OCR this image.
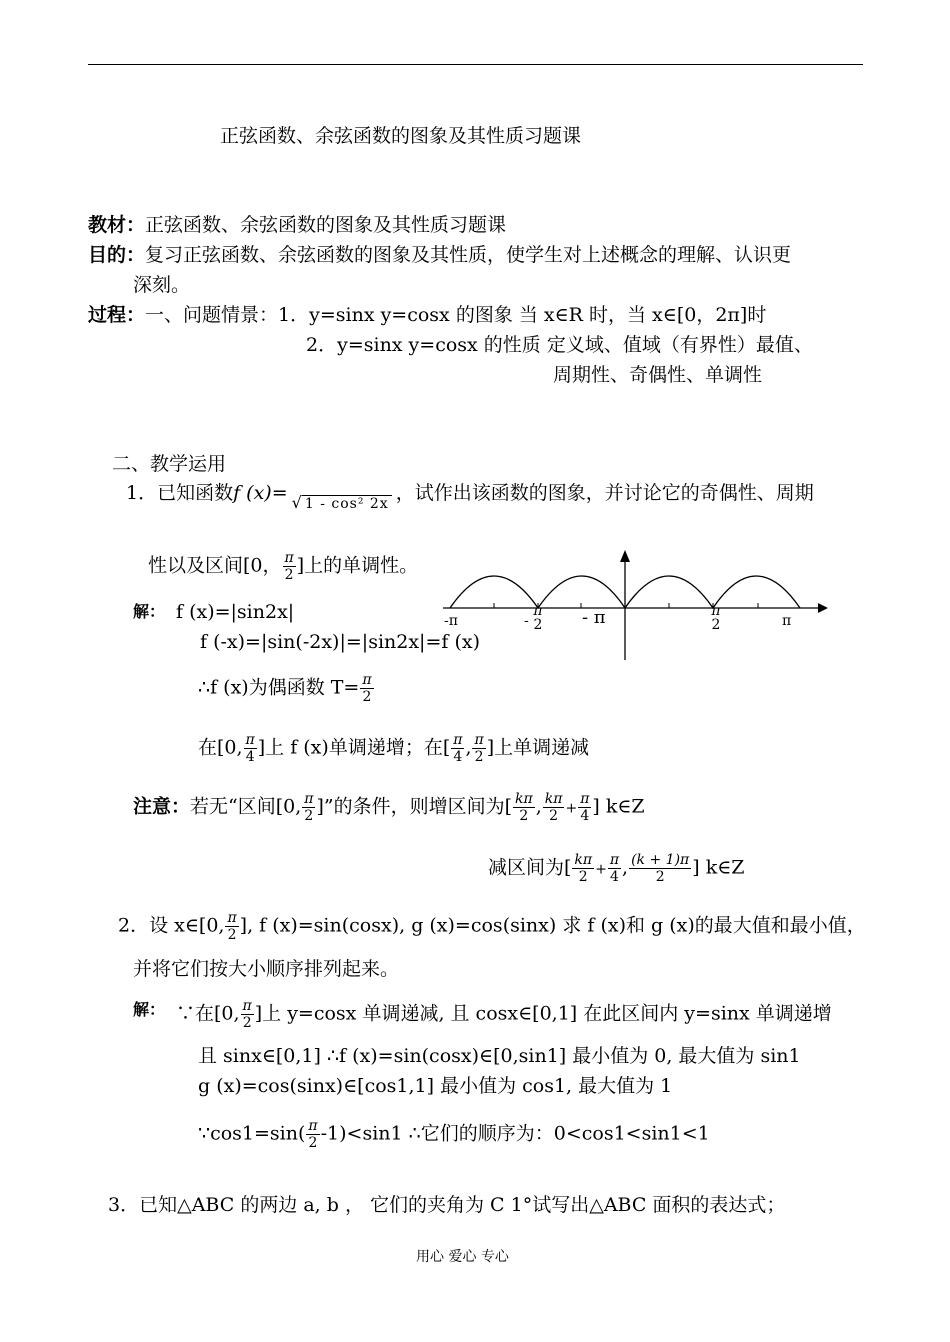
正弦函数、余弦函数的图象及其性质习题课
教材：正弦函数、余弦函数的图象及其性质习题课
目的：复习正弦函数、余弦函数的图象及其性质，使学生对上述概念的理解、认识更
深刻。
过程：一、问题情景：1．y=sinx y=cosx 的图象 当 x∈R 时，当 x∈[0，2π]时
2．y=sinx y=cosx 的性质 定义域、值域（有界性）最值、
周期性、奇偶性、单调性
二、教学运用
1．已知函数f (x)= √ 1 - cos² 2x ，试作出该函数的图象，并讨论它的奇偶性、周期
性以及区间[0， $\frac{\pi}{2}$ ]上的单调性。
-π	-
π
2 - π	π
2	π
解： f (x)=|sin2x|
f (-x)=|sin(-2x)|=|sin2x|=f (x)
∴f (x)为偶函数 $T= \frac{\pi}{2}$
在[0, $\frac{\pi}{4}$ ]上 f (x)单调递增；在[ $\frac{\pi}{4}$ , $\frac{\pi}{2}$ ]上单调递减
注意：若无“区间[0, $\frac{\pi}{2}$ ]”的条件，则增区间为[ $\frac{k\pi}{2}$ , $\frac{k\pi}{2} + \frac{\pi}{4}$ ] k∈Z
减区间为[ $\frac{k\pi}{2} + \frac{\pi}{4}$ , $\frac{(k + 1)\pi}{2}$ ] k∈Z
2．设 x∈[0, $\frac{\pi}{2}$ ], f (x)=sin(cosx), g (x)=cos(sinx) 求 f (x)和 g (x)的最大值和最小值，
并将它们按大小顺序排列起来。
解： ∵在[0, $\frac{\pi}{2}$ ]上 y=cosx 单调递减, 且 cosx∈[0,1] 在此区间内 y=sinx 单调递增
且 sinx∈[0,1] ∴f (x)=sin(cosx)∈[0,sin1] 最小值为 0, 最大值为 sin1
g (x)=cos(sinx)∈[cos1,1] 最小值为 cos1, 最大值为 1
∵cos1=sin( $\frac{\pi}{2} -1)<\sin 1$ ∴它们的顺序为：0<cos1<sin1<1
3．已知△ABC 的两边 a, b ， 它们的夹角为 C 1°试写出△ABC 面积的表达式；
用心 爱心 专心
